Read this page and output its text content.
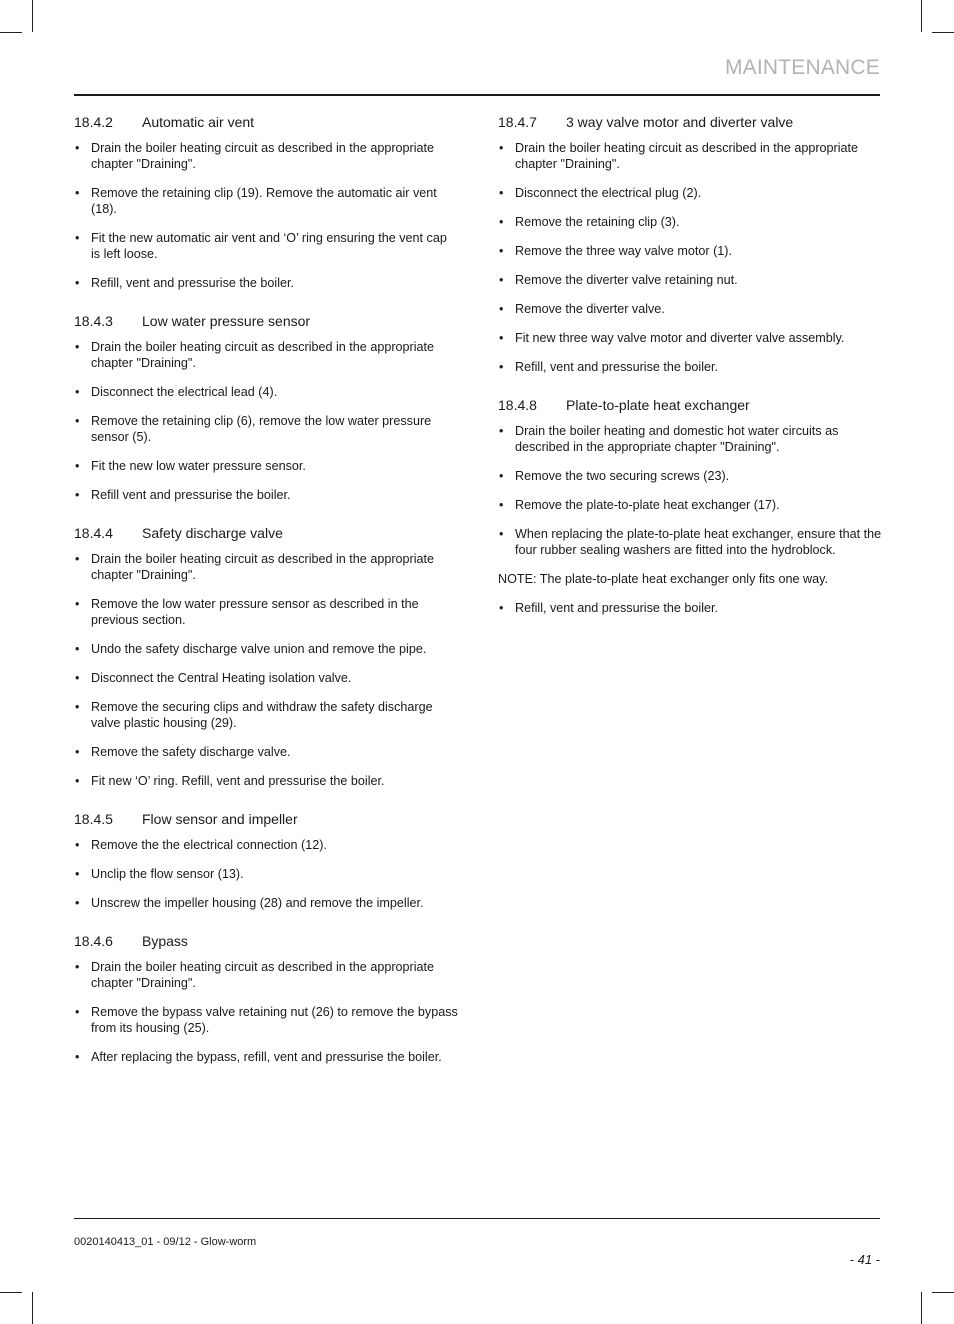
MAINTENANCE
18.4.2	Automatic air vent
• Drain the boiler heating circuit as described in the appropriate chapter "Draining".
• Remove the retaining clip (19). Remove the automatic air vent (18).
• Fit the new automatic air vent and ‘O’ ring ensuring the vent cap is left loose.
• Refill, vent and pressurise the boiler.
18.4.3	Low water pressure sensor
• Drain the boiler heating circuit as described in the appropriate chapter "Draining".
• Disconnect the electrical lead (4).
• Remove the retaining clip (6), remove the low water pressure sensor (5).
• Fit the new low water pressure sensor.
• Refill vent and pressurise the boiler.
18.4.4	Safety discharge valve
• Drain the boiler heating circuit as described in the appropriate chapter "Draining".
• Remove the low water pressure sensor as described in the previous section.
• Undo the safety discharge valve union and remove the pipe.
• Disconnect the Central Heating isolation valve.
• Remove the securing clips and withdraw the safety discharge valve plastic housing (29).
• Remove the safety discharge valve.
• Fit new ‘O’ ring. Refill, vent and pressurise the boiler.
18.4.5	Flow sensor and impeller
• Remove the the electrical connection (12).
• Unclip the flow sensor (13).
• Unscrew the impeller housing (28) and remove the impeller.
18.4.6	Bypass
• Drain the boiler heating circuit as described in the appropriate chapter "Draining".
• Remove the bypass valve retaining nut (26) to remove the bypass from its housing (25).
• After replacing the bypass, refill, vent and pressurise the boiler.
18.4.7	3 way valve motor and diverter valve
• Drain the boiler heating circuit as described in the appropriate chapter "Draining".
• Disconnect the electrical plug (2).
• Remove the retaining clip (3).
• Remove the three way valve motor (1).
• Remove the diverter valve retaining nut.
• Remove the diverter valve.
• Fit new three way valve motor and diverter valve assembly.
• Refill, vent and pressurise the boiler.
18.4.8	Plate-to-plate heat exchanger
• Drain the boiler heating and domestic hot water circuits as described in the appropriate chapter "Draining".
• Remove the two securing screws (23).
• Remove the plate-to-plate heat exchanger (17).
• When replacing the plate-to-plate heat exchanger, ensure that the four rubber sealing washers are fitted into the hydroblock.

NOTE: The plate-to-plate heat exchanger only fits one way.

• Refill, vent and pressurise the boiler.
0020140413_01 - 09/12 - Glow-worm
- 41 -
